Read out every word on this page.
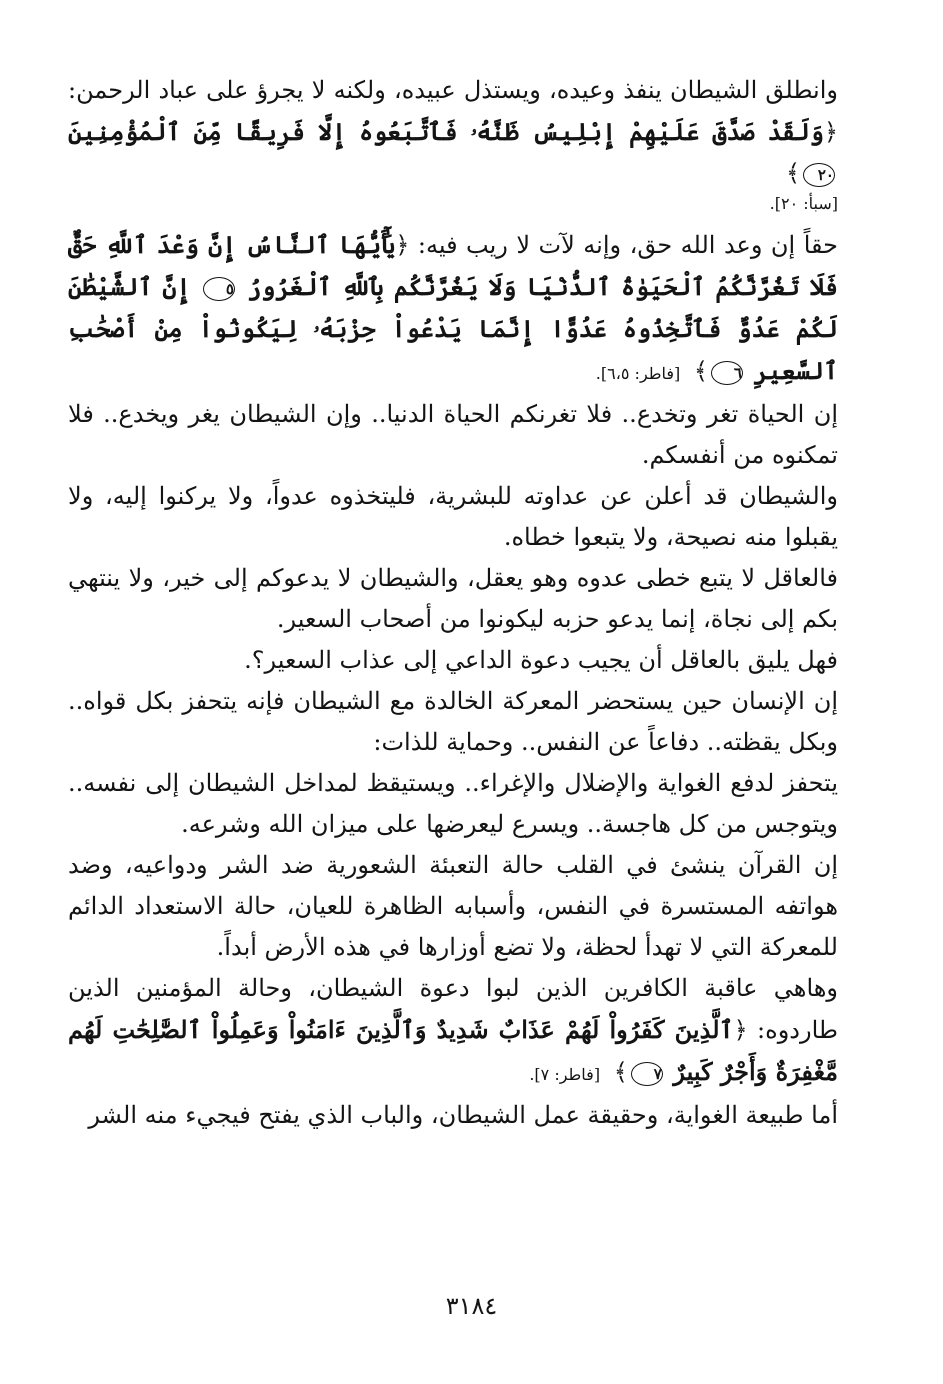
وانطلق الشيطان ينفذ وعيده، ويستذل عبيده، ولكنه لا يجرؤ على عباد الرحمن: ﴿وَلَقَدْ صَدَّقَ عَلَيْهِمْ إِبْلِيسُ ظَنَّهُۥ فَٱتَّبَعُوهُ إِلَّا فَرِيقًا مِّنَ ٱلْمُؤْمِنِينَ ٢٠﴾

[سبأ: ٢٠].

حقاً إن وعد الله حق، وإنه لآت لا ريب فيه: ﴿يَٰٓأَيُّهَا ٱلنَّاسُ إِنَّ وَعْدَ ٱللَّهِ حَقٌّ فَلَا تَغُرَّنَّكُمُ ٱلْحَيَوٰةُ ٱلدُّنْيَا وَلَا يَغُرَّنَّكُم بِٱللَّهِ ٱلْغَرُورُ ٥ إِنَّ ٱلشَّيْطَٰنَ لَكُمْ عَدُوٌّ فَٱتَّخِذُوهُ عَدُوًّا إِنَّمَا يَدْعُواْ حِزْبَهُۥ لِيَكُونُواْ مِنْ أَصْحَٰبِ ٱلسَّعِيرِ ٦﴾ [فاطر: ٦،٥].

إن الحياة تغر وتخدع.. فلا تغرنكم الحياة الدنيا.. وإن الشيطان يغر ويخدع.. فلا تمكنوه من أنفسكم.

والشيطان قد أعلن عن عداوته للبشرية، فليتخذوه عدواً، ولا يركنوا إليه، ولا يقبلوا منه نصيحة، ولا يتبعوا خطاه.

فالعاقل لا يتبع خطى عدوه وهو يعقل، والشيطان لا يدعوكم إلى خير، ولا ينتهي بكم إلى نجاة، إنما يدعو حزبه ليكونوا من أصحاب السعير.

فهل يليق بالعاقل أن يجيب دعوة الداعي إلى عذاب السعير؟.

إن الإنسان حين يستحضر المعركة الخالدة مع الشيطان فإنه يتحفز بكل قواه.. وبكل يقظته.. دفاعاً عن النفس.. وحماية للذات:

يتحفز لدفع الغواية والإضلال والإغراء.. ويستيقظ لمداخل الشيطان إلى نفسه.. ويتوجس من كل هاجسة.. ويسرع ليعرضها على ميزان الله وشرعه.

إن القرآن ينشئ في القلب حالة التعبئة الشعورية ضد الشر ودواعيه، وضد هواتفه المستسرة في النفس، وأسبابه الظاهرة للعيان، حالة الاستعداد الدائم للمعركة التي لا تهدأ لحظة، ولا تضع أوزارها في هذه الأرض أبداً.

وهاهي عاقبة الكافرين الذين لبوا دعوة الشيطان، وحالة المؤمنين الذين طاردوه: ﴿ٱلَّذِينَ كَفَرُواْ لَهُمْ عَذَابٌ شَدِيدٌ وَٱلَّذِينَ ءَامَنُواْ وَعَمِلُواْ ٱلصَّٰلِحَٰتِ لَهُم مَّغْفِرَةٌ وَأَجْرٌ كَبِيرٌ ٧﴾ [فاطر: ٧].

أما طبيعة الغواية، وحقيقة عمل الشيطان، والباب الذي يفتح فيجيء منه الشر

٣١٨٤
